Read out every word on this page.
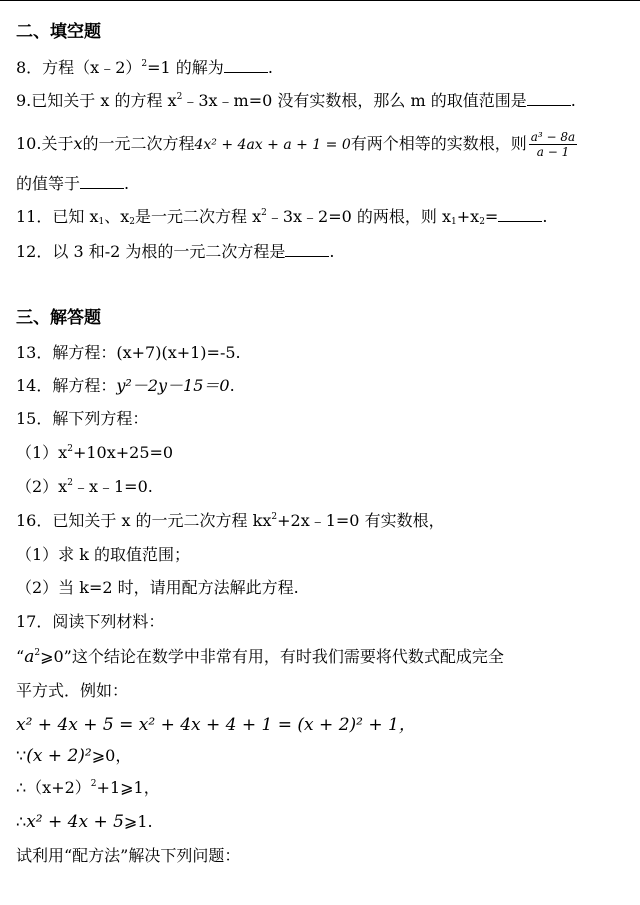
二、填空题
8．方程（x﹣2）$^2$=1 的解为	.
9.已知关于 x 的方程 $x^2﹣3x﹣m=0$ 没有实数根，那么 m 的取值范围是	.
10.关于x的一元二次方程4x² + 4ax + a + 1 = 0有两个相等的实数根，则 $\frac{\text{a³ − 8a}}{a - 1}$
的值等于	.
11．已知 $x_1$、$x_2$是一元二次方程 $x^2﹣3x﹣2=0$ 的两根，则 $x_1+x_2=$	.
12．以 3 和-2 为根的一元二次方程是	.
三、解答题
13．解方程：(x+7)(x+1)=-5.
14．解方程：y²－2y－15＝0.
15．解下列方程：
$(1)x^2+10x+25=0$
$(2)x^2﹣x﹣1=0$.
16．已知关于 x 的一元二次方程 $kx^2+2x﹣1=0$ 有实数根，
（1）求 k 的取值范围；
（2）当 k=2 时，请用配方法解此方程.
17．阅读下列材料：
“$a^2⩾0$”这个结论在数学中非常有用，有时我们需要将代数式配成完全
平方式．例如：
x² + 4x + 5 = x² + 4x + 4 + 1 = (x + 2)² + 1，
∵(x + 2)²⩾0，
$\therefore(x+2)^2+1⩾1$，
∴x² + 4x + 5⩾1.
试利用“配方法”解决下列问题：
